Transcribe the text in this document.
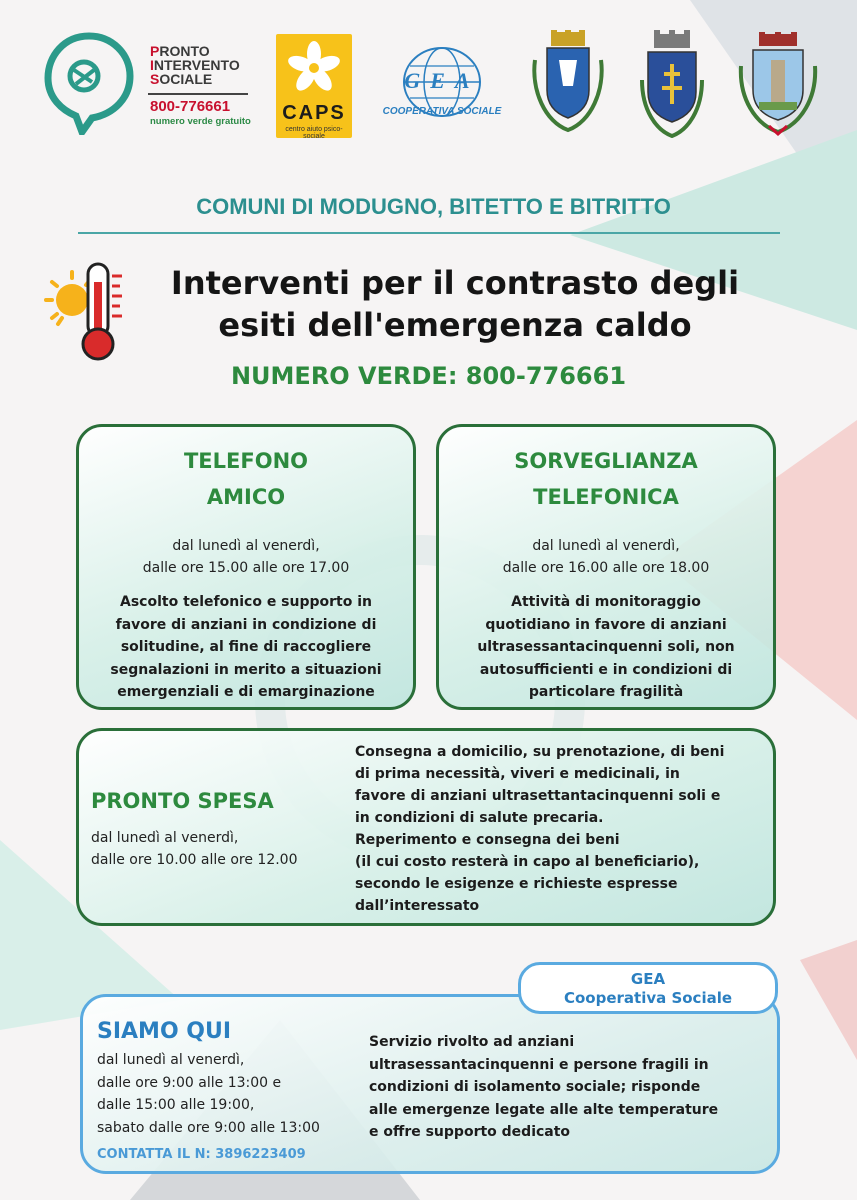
PRONTO
INTERVENTO
SOCIALE
800-776661
numero verde gratuito	CAPS
centro aiuto psico-sociale
GEA
COOPERATIVA SOCIALE
COMUNI DI MODUGNO, BITETTO E BITRITTO
Interventi per il contrasto degli
esiti dell'emergenza caldo
NUMERO VERDE: 800-776661
TELEFONO
AMICO
dal lunedì al venerdì,
dalle ore 15.00 alle ore 17.00
Ascolto telefonico e supporto in
favore di anziani in condizione di
solitudine, al fine di raccogliere
segnalazioni in merito a situazioni
emergenziali e di emarginazione
SORVEGLIANZA
TELEFONICA
dal lunedì al venerdì,
dalle ore 16.00 alle ore 18.00
Attività di monitoraggio
quotidiano in favore di anziani
ultrasessantacinquenni soli, non
autosufficienti e in condizioni di
particolare fragilità
PRONTO SPESA
dal lunedì al venerdì,
dalle ore 10.00 alle ore 12.00
Consegna a domicilio, su prenotazione, di beni
di prima necessità, viveri e medicinali, in
favore di anziani ultrasettantacinquenni soli e
in condizioni di salute precaria.
Reperimento e consegna dei beni
(il cui costo resterà in capo al beneficiario),
secondo le esigenze e richieste espresse
dall’interessato
SIAMO QUI
dal lunedì al venerdì,
dalle ore 9:00 alle 13:00 e
dalle 15:00 alle 19:00,
sabato dalle ore 9:00 alle 13:00
CONTATTA IL N: 3896223409
Servizio rivolto ad anziani
ultrasessantacinquenni e persone fragili in
condizioni di isolamento sociale; risponde
alle emergenze legate alle alte temperature
e offre supporto dedicato
GEA
Cooperativa Sociale
